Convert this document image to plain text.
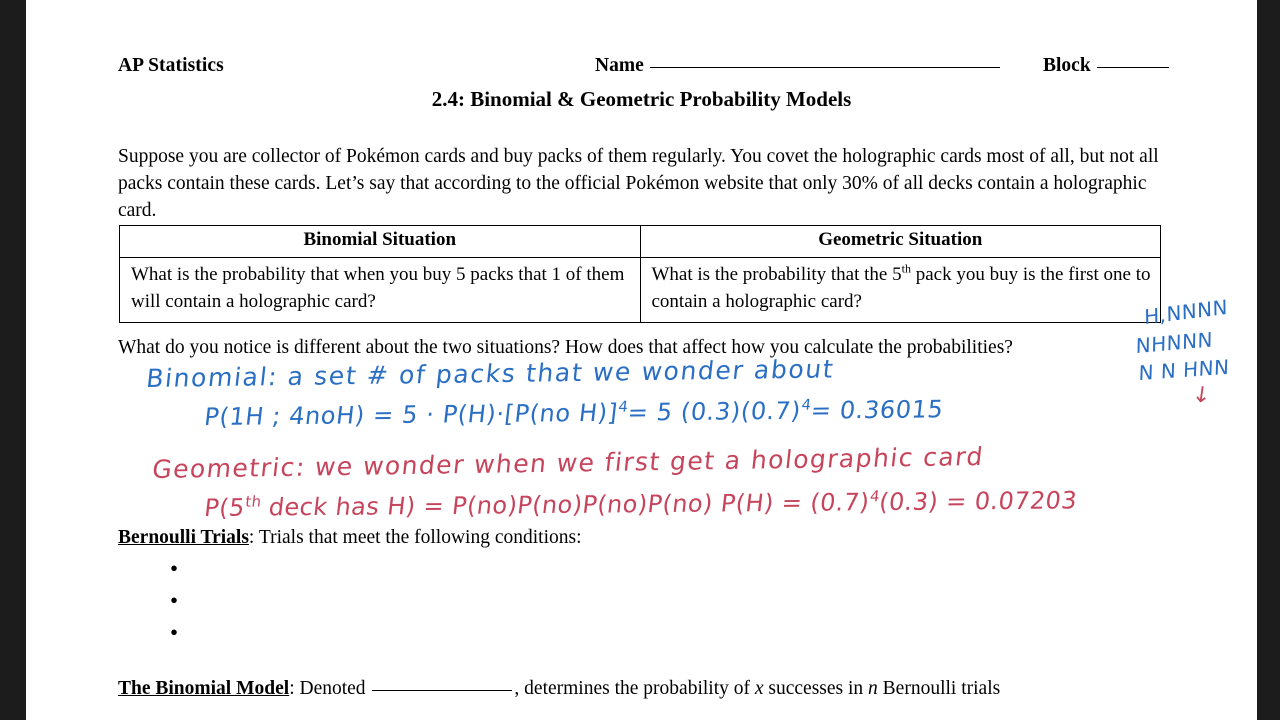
AP Statistics	Name	Block
2.4: Binomial & Geometric Probability Models
Suppose you are collector of Pokémon cards and buy packs of them regularly. You covet the holographic cards most of all, but not all packs contain these cards. Let’s say that according to the official Pokémon website that only 30% of all decks contain a holographic card.
Binomial Situation	Geometric Situation
What is the probability that when you buy 5 packs that 1 of them will contain a holographic card?	What is the probability that the 5th pack you buy is the first one to contain a holographic card?
What do you notice is different about the two situations? How does that affect how you calculate the probabilities?
Binomial: a set # of packs that we wonder about
P(1H ; 4noH) = 5 · P(H)·[P(no H)]$^4$= 5 $(0.3)(0.7)^4= 0.36015$
Geometric: we wonder when we first get a holographic card
P(5th deck has H) = P(no)P(no)P(no)P(no) $P(H) = (0.7)^4(0.3) = 0.07203$
H,NNNN
NHNNN
N N HNN
↓
Bernoulli Trials: Trials that meet the following conditions:
The Binomial Model: Denoted	, determines the probability of x successes in n Bernoulli trials
